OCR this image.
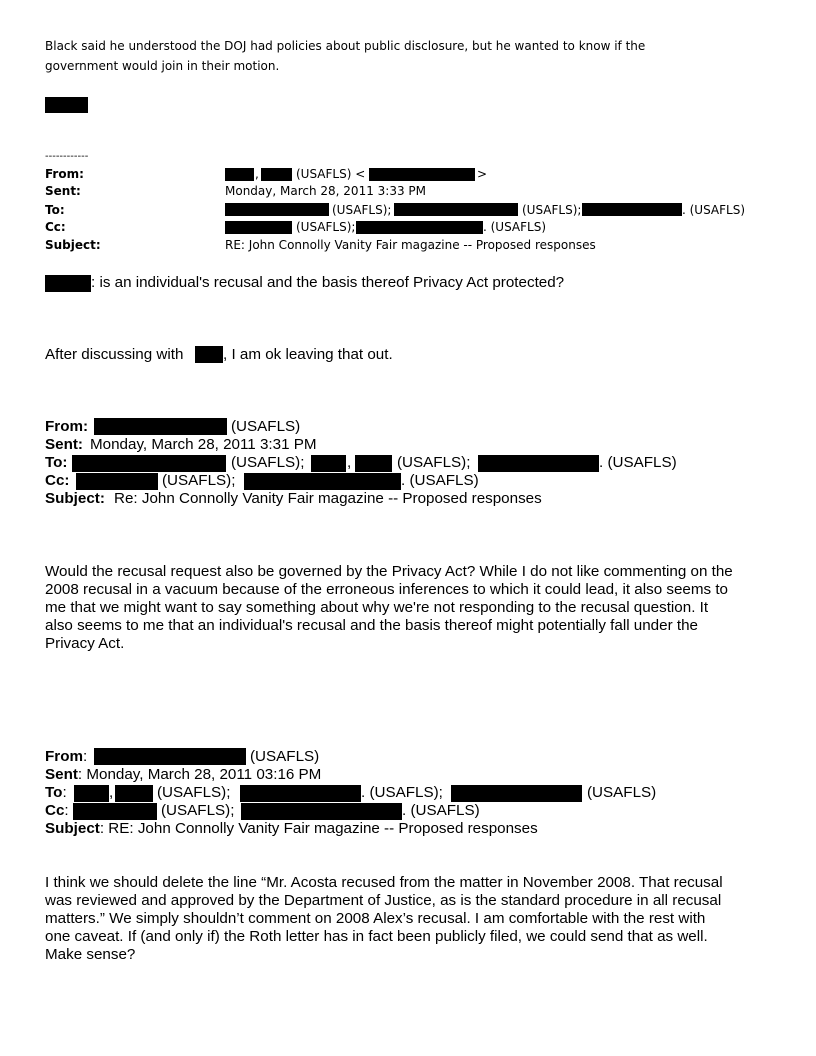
Black said he understood the DOJ had policies about public disclosure, but he wanted to know if the
government would join in their motion.
------------
From:	,	(USAFLS) <	>
Sent:	Monday, March 28, 2011 3:33 PM
To:	(USAFLS);	(USAFLS);	. (USAFLS)
Cc:	(USAFLS);	. (USAFLS)
Subject:	RE: John Connolly Vanity Fair magazine -- Proposed responses
: is an individual's recusal and the basis thereof Privacy Act protected?
After discussing with	, I am ok leaving that out.
From:	(USAFLS)
Sent: Monday, March 28, 2011 3:31 PM
To:	(USAFLS);	,	(USAFLS);	. (USAFLS)
Cc:	(USAFLS);	. (USAFLS)
Subject: Re: John Connolly Vanity Fair magazine -- Proposed responses
Would the recusal request also be governed by the Privacy Act? While I do not like commenting on the
2008 recusal in a vacuum because of the erroneous inferences to which it could lead, it also seems to
me that we might want to say something about why we're not responding to the recusal question. It
also seems to me that an individual's recusal and the basis thereof might potentially fall under the
Privacy Act.
From:	(USAFLS)
Sent: Monday, March 28, 2011 03:16 PM
To:	,	(USAFLS);	. (USAFLS);	(USAFLS)
Cc:	(USAFLS);	. (USAFLS)
Subject: RE: John Connolly Vanity Fair magazine -- Proposed responses
I think we should delete the line “Mr. Acosta recused from the matter in November 2008. That recusal
was reviewed and approved by the Department of Justice, as is the standard procedure in all recusal
matters.” We simply shouldn’t comment on 2008 Alex’s recusal. I am comfortable with the rest with
one caveat. If (and only if) the Roth letter has in fact been publicly filed, we could send that as well.
Make sense?
